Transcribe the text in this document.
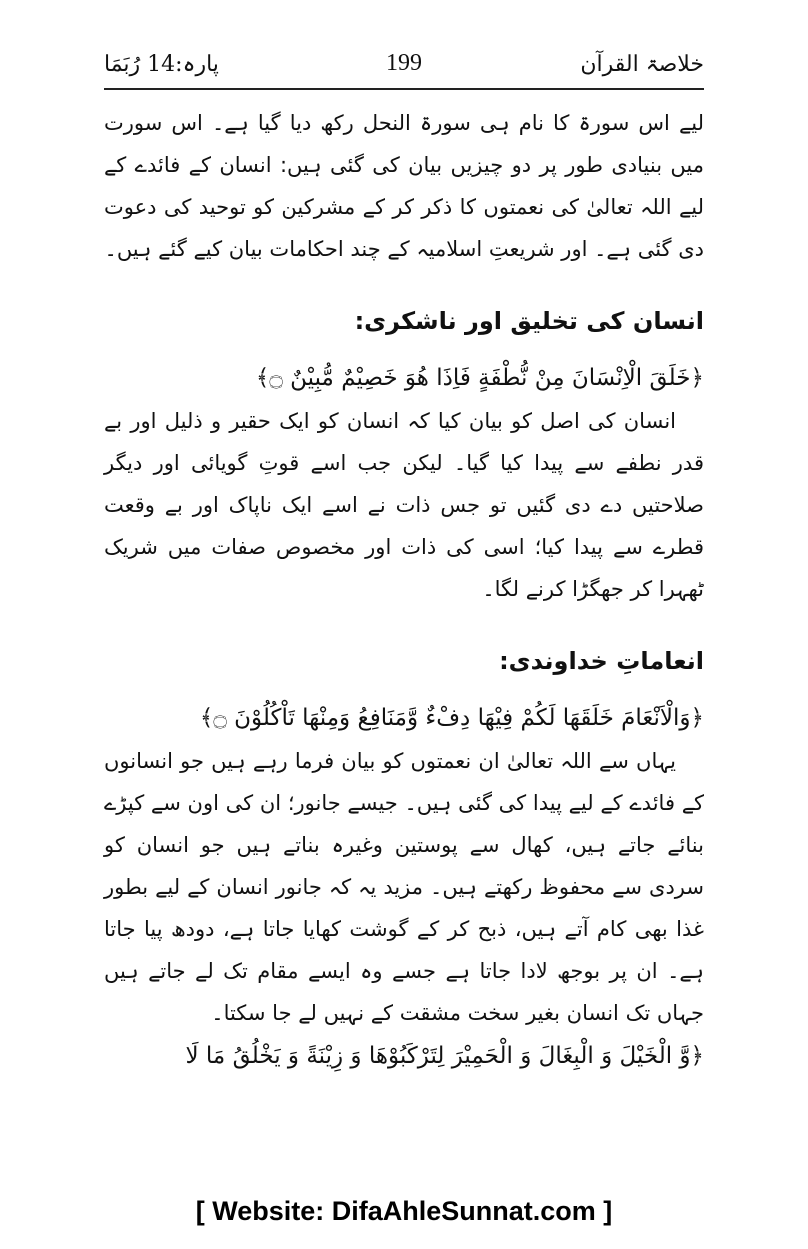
پارہ:14 رُبَمَا	199	خلاصۃ القرآن

لیے اس سورۃ کا نام ہی سورۃ النحل رکھ دیا گیا ہے۔ اس سورت میں بنیادی طور پر دو چیزیں بیان کی گئی ہیں: انسان کے فائدے کے لیے اللہ تعالیٰ کی نعمتوں کا ذکر کر کے مشرکین کو توحید کی دعوت دی گئی ہے۔ اور شریعتِ اسلامیہ کے چند احکامات بیان کیے گئے ہیں۔

انسان کی تخلیق اور ناشکری:

﴿خَلَقَ الْاِنْسَانَ مِنْ نُّطْفَةٍ فَاِذَا هُوَ خَصِيْمٌ مُّبِيْنٌ ۝﴾

انسان کی اصل کو بیان کیا کہ انسان کو ایک حقیر و ذلیل اور بے قدر نطفے سے پیدا کیا گیا۔ لیکن جب اسے قوتِ گویائی اور دیگر صلاحتیں دے دی گئیں تو جس ذات نے اسے ایک ناپاک اور بے وقعت قطرے سے پیدا کیا؛ اسی کی ذات اور مخصوص صفات میں شریک ٹھہرا کر جھگڑا کرنے لگا۔

انعاماتِ خداوندی:

﴿وَالْاَنْعَامَ خَلَقَهَا لَكُمْ فِيْهَا دِفْءٌ وَّمَنَافِعُ وَمِنْهَا تَاْكُلُوْنَ ۝﴾

یہاں سے اللہ تعالیٰ ان نعمتوں کو بیان فرما رہے ہیں جو انسانوں کے فائدے کے لیے پیدا کی گئی ہیں۔ جیسے جانور؛ ان کی اون سے کپڑے بنائے جاتے ہیں، کھال سے پوستین وغیرہ بناتے ہیں جو انسان کو سردی سے محفوظ رکھتے ہیں۔ مزید یہ کہ جانور انسان کے لیے بطور غذا بھی کام آتے ہیں، ذبح کر کے گوشت کھایا جاتا ہے، دودھ پیا جاتا ہے۔ ان پر بوجھ لادا جاتا ہے جسے وہ ایسے مقام تک لے جاتے ہیں جہاں تک انسان بغیر سخت مشقت کے نہیں لے جا سکتا۔

﴿وَّ الْخَيْلَ وَ الْبِغَالَ وَ الْحَمِيْرَ لِتَرْكَبُوْهَا وَ زِيْنَةً وَ يَخْلُقُ مَا لَا

[ Website: DifaAhleSunnat.com ]
